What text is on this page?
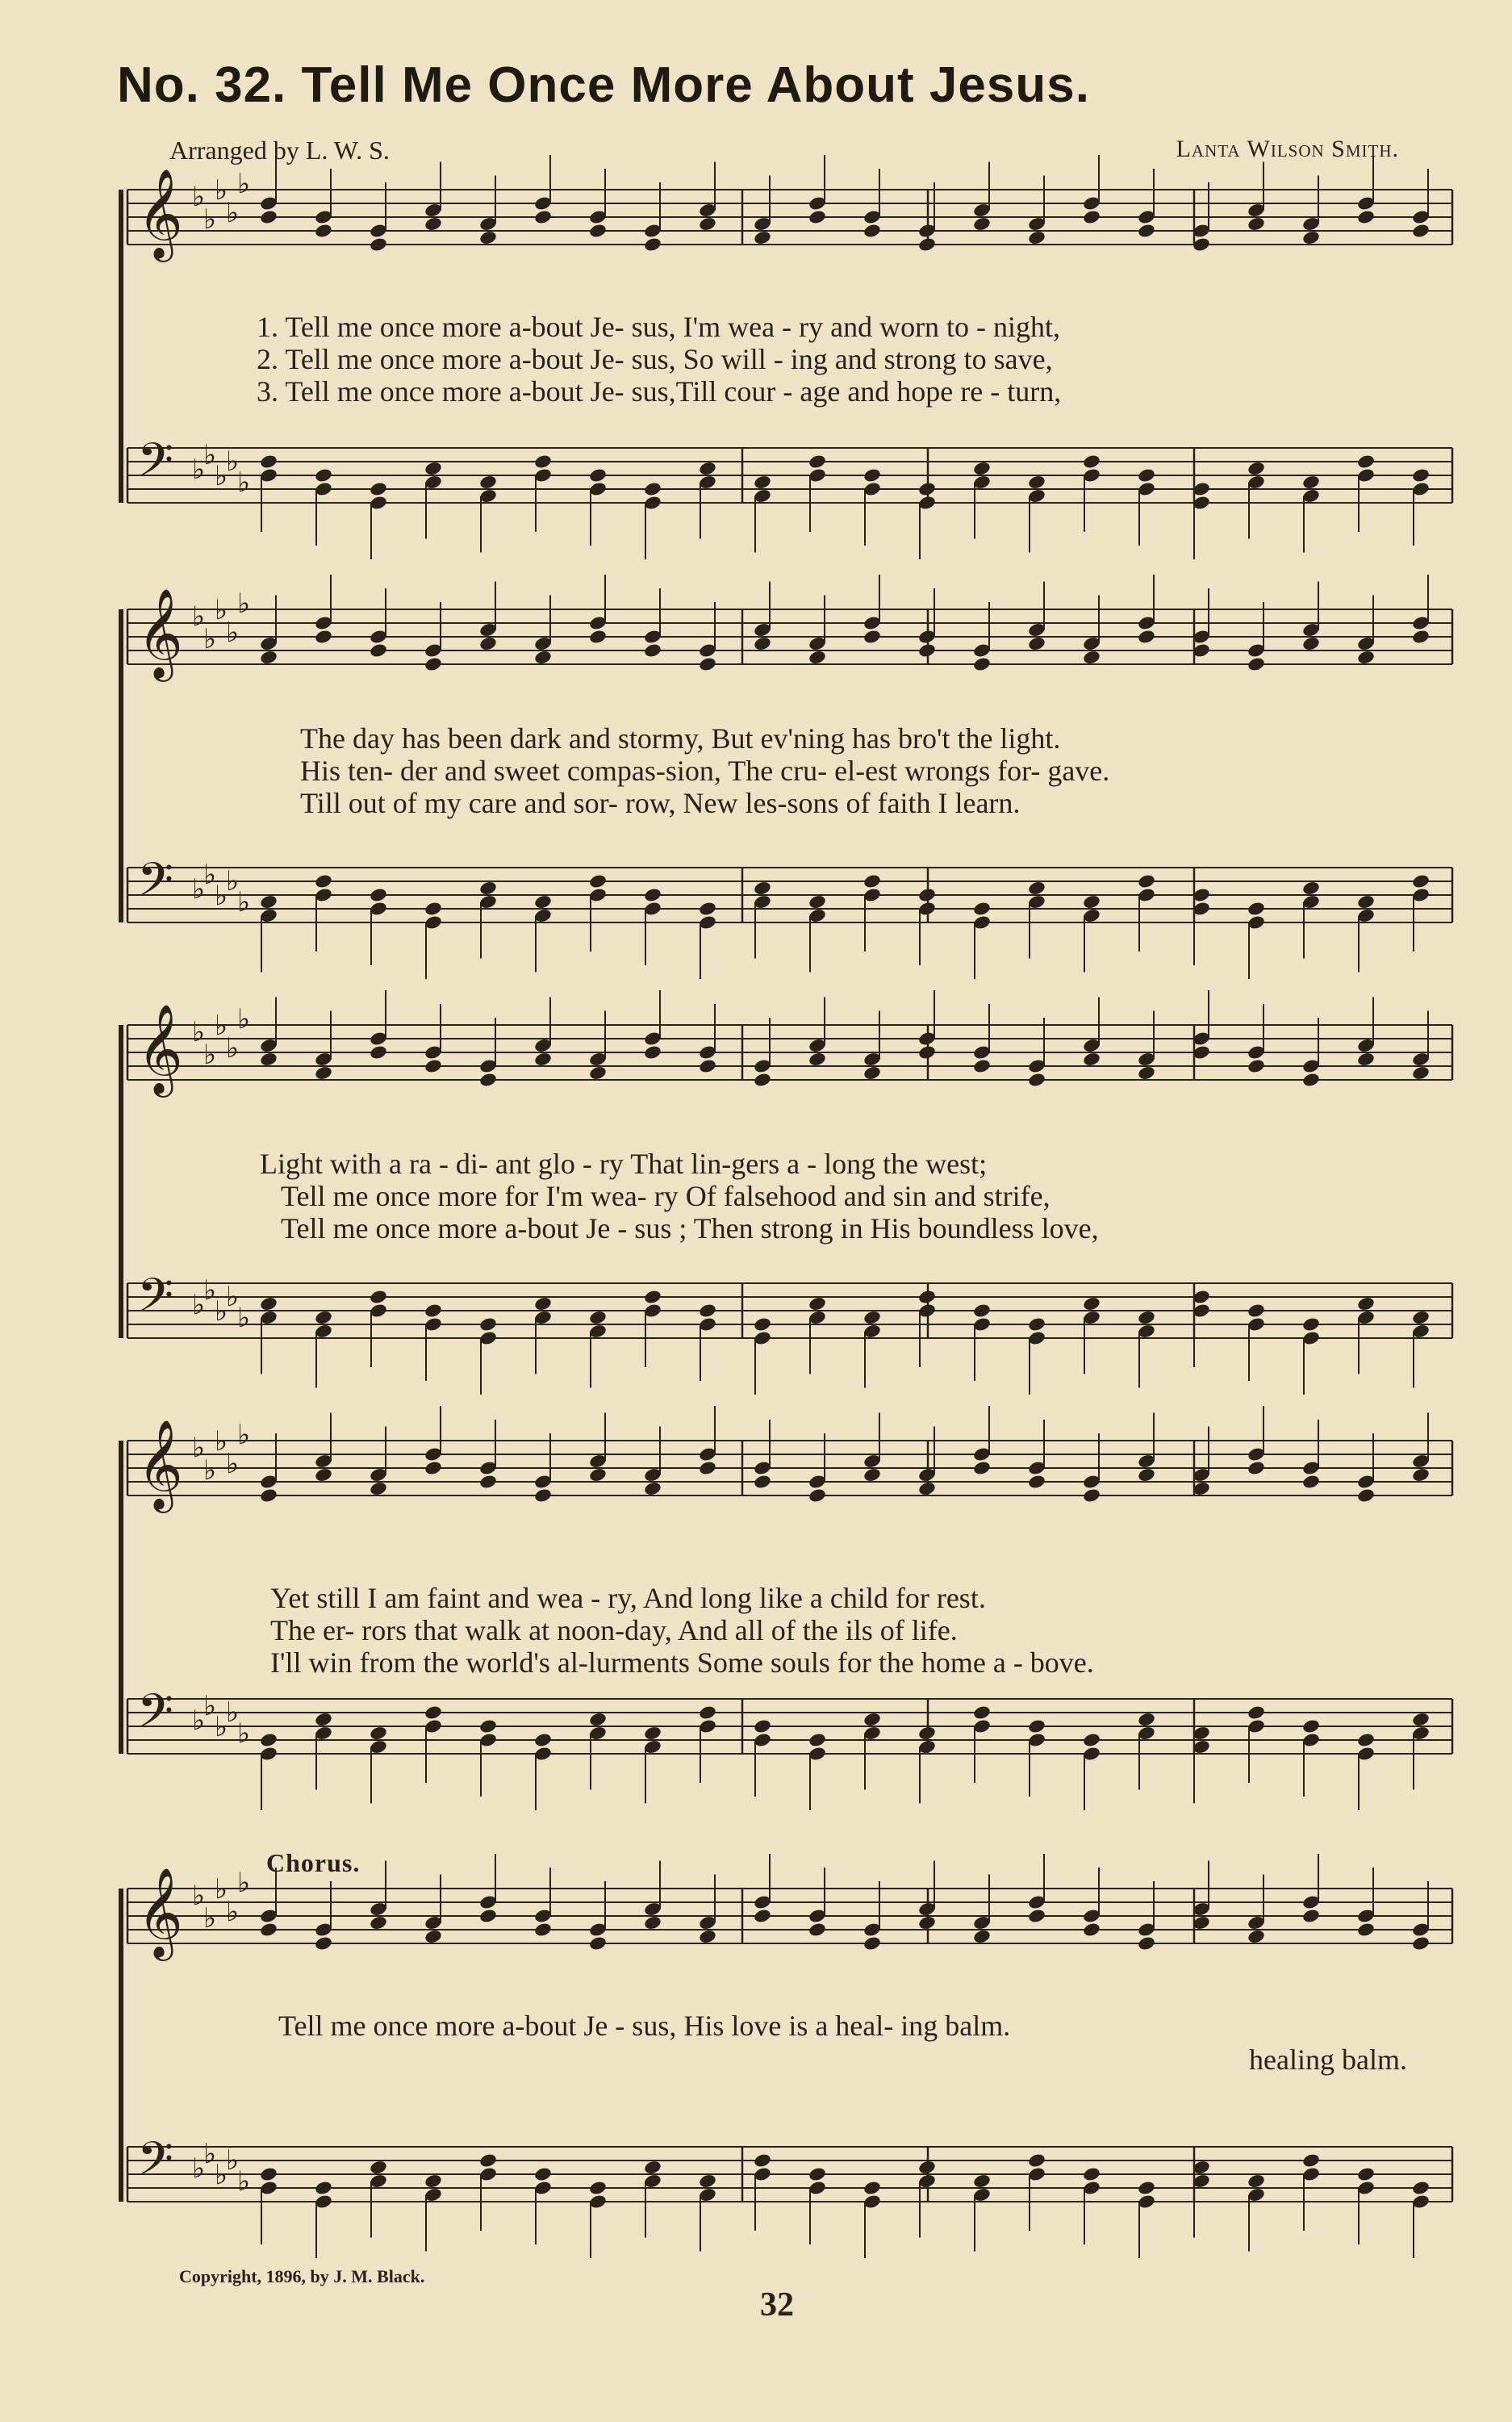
No. 32. Tell Me Once More About Jesus.
Arranged by L. W. S.	Lanta Wilson Smith.
𝄞 ♭
♭
♭
♭
♭
𝄢 ♭
♭
♭
♭
♭
1. Tell me once more a-bout Je- sus, I'm wea - ry and worn to - night,
2. Tell me once more a-bout Je- sus, So will - ing and strong to save,
3. Tell me once more a-bout Je- sus,Till cour - age and hope re - turn,
𝄞 ♭
♭
♭
♭
♭
𝄢 ♭
♭
♭
♭
♭
The day has been dark and stormy, But ev'ning has bro't the light.
His ten- der and sweet compas-sion, The cru- el-est wrongs for- gave.
Till out of my care and sor- row, New les-sons of faith I learn.
𝄞 ♭
♭
♭
♭
♭
𝄢 ♭
♭
♭
♭
♭
Light with a ra - di- ant glo - ry That lin-gers a - long the west;
Tell me once more for I'm wea- ry Of falsehood and sin and strife,
Tell me once more a-bout Je - sus ; Then strong in His boundless love,
𝄞 ♭
♭
♭
♭
♭
𝄢 ♭
♭
♭
♭
♭
Yet still I am faint and wea - ry, And long like a child for rest.
The er- rors that walk at noon-day, And all of the ils of life.
I'll win from the world's al-lurments Some souls for the home a - bove.
Chorus.
𝄞 ♭
♭
♭
♭
♭
𝄢 ♭
♭
♭
♭
♭
Tell me once more a-bout Je - sus, His love is a heal- ing balm.
healing balm.
Copyright, 1896, by J. M. Black.
32
